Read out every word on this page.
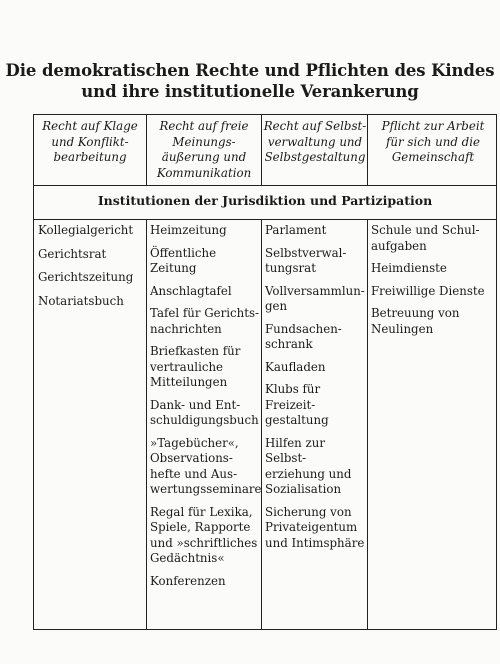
Die demokratischen Rechte und Pflichten des Kindes
und ihre institutionelle Verankerung
Recht auf Klage
und Konflikt-
bearbeitung
Recht auf freie
Meinungs-
äußerung und
Kommunikation
Recht auf Selbst-
verwaltung und
Selbstgestaltung
Pflicht zur Arbeit
für sich und die
Gemeinschaft
Institutionen der Jurisdiktion und Partizipation
Kollegialgericht
Gerichtsrat
Gerichtszeitung
Notariatsbuch
Heimzeitung
Öffentliche
Zeitung
Anschlagtafel
Tafel für Gerichts-
nachrichten
Briefkasten für
vertrauliche
Mitteilungen
Dank- und Ent-
schuldigungsbuch
»Tagebücher«,
Observations-
hefte und Aus-
wertungsseminare
Regal für Lexika,
Spiele, Rapporte
und »schriftliches
Gedächtnis«
Konferenzen
Parlament
Selbstverwal-
tungsrat
Vollversammlun-
gen
Fundsachen-
schrank
Kaufladen
Klubs für Freizeit-
gestaltung
Hilfen zur Selbst-
erziehung und
Sozialisation
Sicherung von
Privateigentum
und Intimsphäre
Schule und Schul-
aufgaben
Heimdienste
Freiwillige Dienste
Betreuung von
Neulingen
